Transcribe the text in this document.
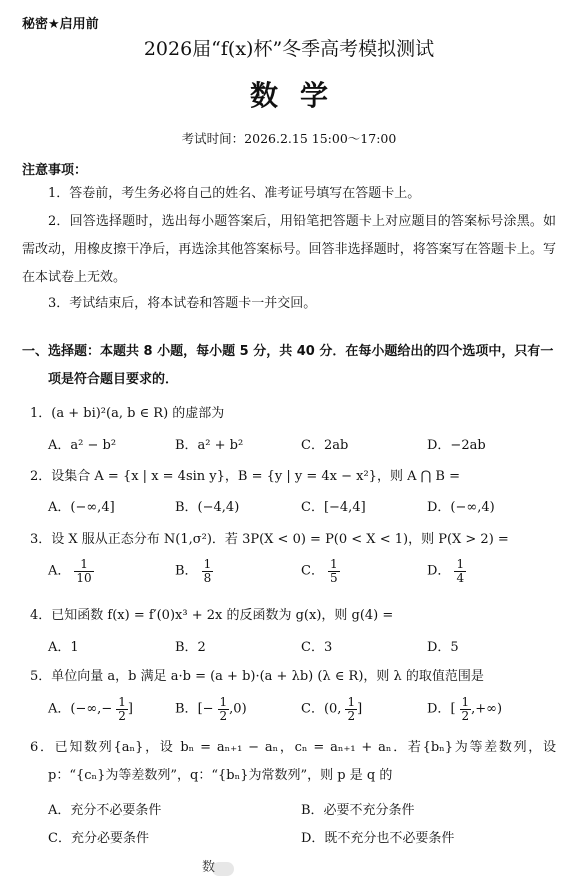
秘密★启用前
2026届“f(x)杯”冬季高考模拟测试
数学
考试时间：2026.2.15 15:00～17:00
注意事项：
1．答卷前，考生务必将自己的姓名、准考证号填写在答题卡上。
2．回答选择题时，选出每小题答案后，用铅笔把答题卡上对应题目的答案标号涂黑。如需改动，用橡皮擦干净后，再选涂其他答案标号。回答非选择题时，将答案写在答题卡上。写在本试卷上无效。
3．考试结束后，将本试卷和答题卡一并交回。
一、选择题：本题共 8 小题，每小题 5 分，共 40 分．在每小题给出的四个选项中，只有一项是符合题目要求的．
1．(a + bi)²(a, b ∈ R) 的虚部为
A．a² − b²	B．a² + b²	C．2ab	D．−2ab
2．设集合 A = {x | x = 4sin y}，B = {y | y = 4x − x²}，则 A ⋂ B =
A．(−∞,4]	B．(−4,4)	C．[−4,4]	D．(−∞,4)
3．设 X 服从正态分布 N(1,σ²)．若 3P(X < 0) = P(0 < X < 1)，则 P(X > 2) =
A． $\frac{1}{10}$	B． $\frac{1}{8}$	C． $\frac{1}{5}$	D． $\frac{1}{4}$
4．已知函数 f(x) = f′(0)x³ + 2x 的反函数为 g(x)，则 g(4) =
A．1	B．2	C．3	D．5
5．单位向量 a，b 满足 a·b = (a + b)·(a + λb) (λ ∈ R)，则 λ 的取值范围是
A．(−∞,− $\frac{1}{2}$ ]	B．[− $\frac{1}{2} ,0$)	C．(0, $\frac{1}{2}$ ]	D．[ $\frac{1}{2}$ ,+∞)
6．已知数列{aₙ}，设 bₙ = aₙ₊₁ − aₙ，cₙ = aₙ₊₁ + aₙ．若{bₙ}为等差数列，设 p：“{cₙ}为等差数列”，q：“{bₙ}为常数列”，则 p 是 q 的
A．充分不必要条件	B．必要不充分条件
C．充分必要条件	D．既不充分也不必要条件
数
